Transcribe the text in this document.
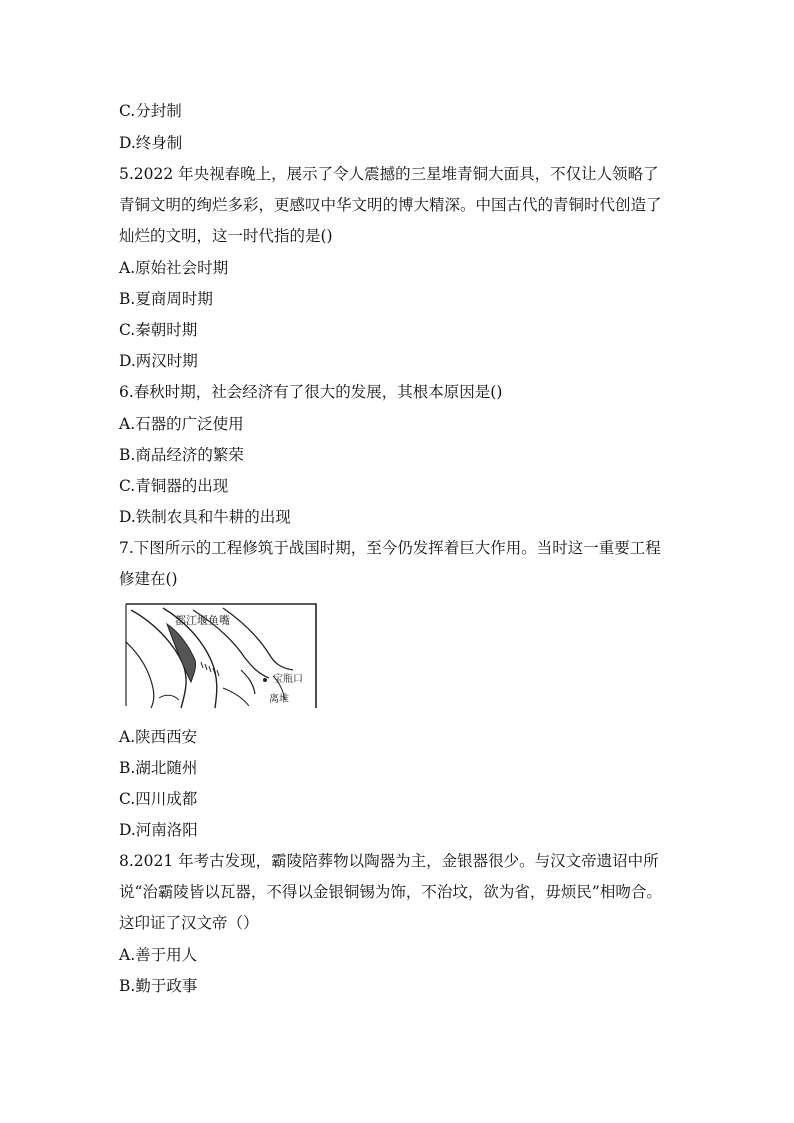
C.分封制
D.终身制
5.2022 年央视春晚上，展示了令人震撼的三星堆青铜大面具，不仅让人领略了
青铜文明的绚烂多彩，更感叹中华文明的博大精深。中国古代的青铜时代创造了
灿烂的文明，这一时代指的是()
A.原始社会时期
B.夏商周时期
C.秦朝时期
D.两汉时期
6.春秋时期，社会经济有了很大的发展，其根本原因是()
A.石器的广泛使用
B.商品经济的繁荣
C.青铜器的出现
D.铁制农具和牛耕的出现
7.下图所示的工程修筑于战国时期，至今仍发挥着巨大作用。当时这一重要工程
修建在()
都江堰鱼嘴
宝瓶口
离堆
A.陕西西安
B.湖北随州
C.四川成都
D.河南洛阳
8.2021 年考古发现，霸陵陪葬物以陶器为主，金银器很少。与汉文帝遗诏中所
说“治霸陵皆以瓦器，不得以金银铜锡为饰，不治坟，欲为省，毋烦民”相吻合。
这印证了汉文帝（）
A.善于用人
B.勤于政事
